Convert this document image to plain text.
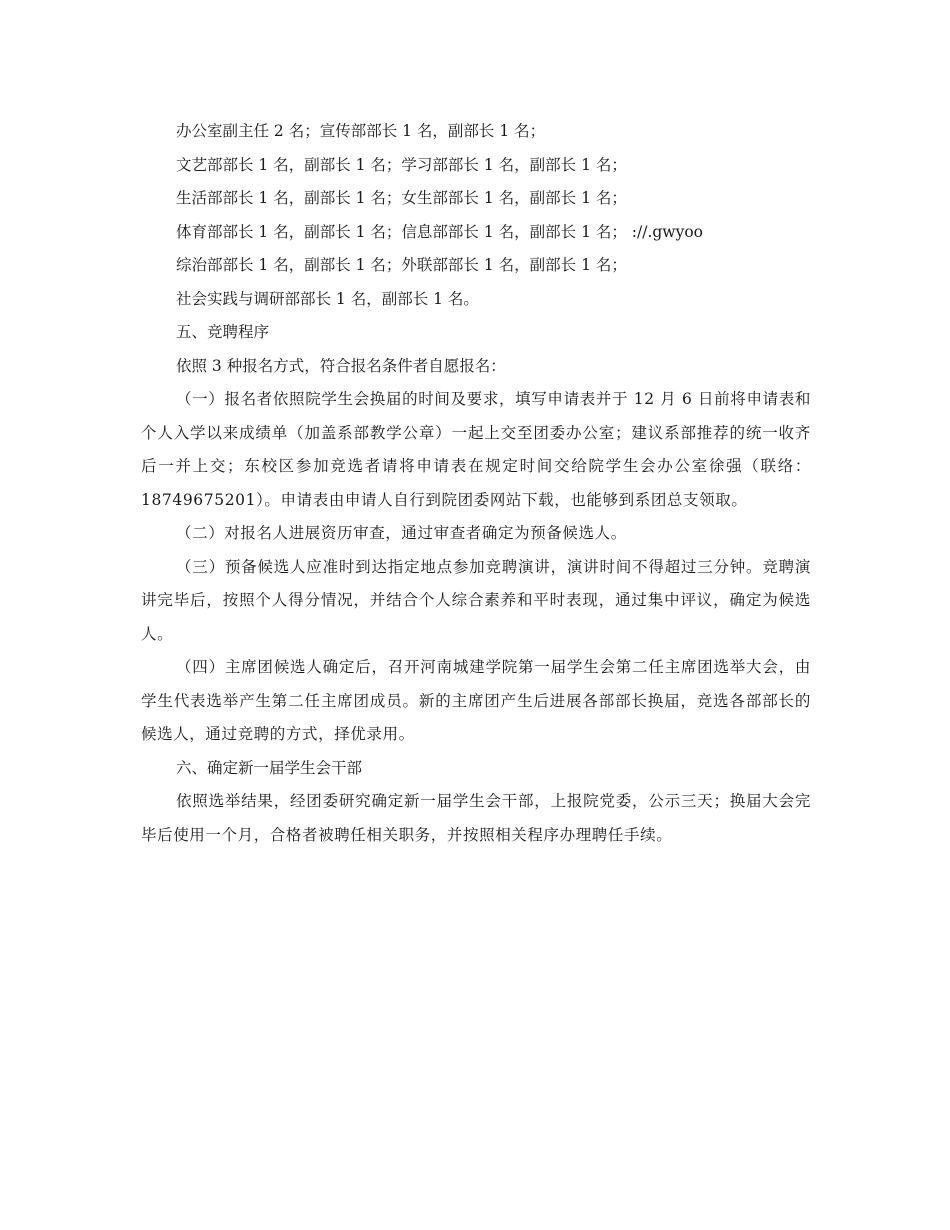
办公室副主任 2 名；宣传部部长 1 名，副部长 1 名；
文艺部部长 1 名，副部长 1 名；学习部部长 1 名，副部长 1 名；
生活部部长 1 名，副部长 1 名；女生部部长 1 名，副部长 1 名；
体育部部长 1 名，副部长 1 名；信息部部长 1 名，副部长 1 名； ://.gwyoo
综治部部长 1 名，副部长 1 名；外联部部长 1 名，副部长 1 名；
社会实践与调研部部长 1 名，副部长 1 名。
五、竞聘程序
依照 3 种报名方式，符合报名条件者自愿报名：
（一）报名者依照院学生会换届的时间及要求，填写申请表并于 12 月 6 日前将申请表和个人入学以来成绩单（加盖系部教学公章）一起上交至团委办公室；建议系部推荐的统一收齐后一并上交；东校区参加竞选者请将申请表在规定时间交给院学生会办公室徐强（联络：18749675201）。申请表由申请人自行到院团委网站下载，也能够到系团总支领取。
（二）对报名人进展资历审查，通过审查者确定为预备候选人。
（三）预备候选人应准时到达指定地点参加竞聘演讲，演讲时间不得超过三分钟。竞聘演讲完毕后，按照个人得分情况，并结合个人综合素养和平时表现，通过集中评议，确定为候选人。
（四）主席团候选人确定后，召开河南城建学院第一届学生会第二任主席团选举大会，由学生代表选举产生第二任主席团成员。新的主席团产生后进展各部部长换届，竞选各部部长的候选人，通过竞聘的方式，择优录用。
六、确定新一届学生会干部
依照选举结果，经团委研究确定新一届学生会干部，上报院党委，公示三天；换届大会完毕后使用一个月，合格者被聘任相关职务，并按照相关程序办理聘任手续。
